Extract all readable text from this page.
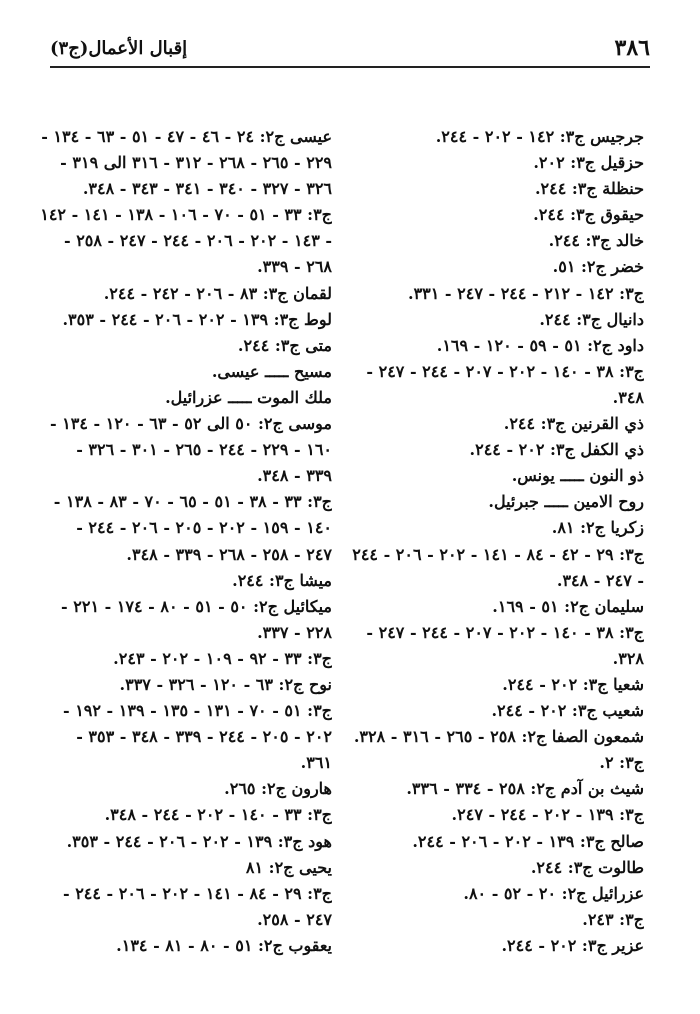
٣٨٦
إقبال الأعمال(ج٣)
جرجيس ج٣: ١٤٢ - ٢٠٢ - ٢٤٤.
حزقيل ج٣: ٢٠٢.
حنظلة ج٣: ٢٤٤.
حيقوق ج٣: ٢٤٤.
خالد ج٣: ٢٤٤.
خضر ج٢: ٥١.
ج٣: ١٤٢ - ٢١٢ - ٢٤٤ - ٢٤٧ - ٣٣١.
دانيال ج٣: ٢٤٤.
داود ج٢: ٥١ - ٥٩ - ١٢٠ - ١٦٩.
ج٣: ٣٨ - ١٤٠ - ٢٠٢ - ٢٠٧ - ٢٤٤ - ٢٤٧ -
٣٤٨.
ذي القرنين ج٣: ٢٤٤.
ذي الكفل ج٣: ٢٠٢ - ٢٤٤.
ذو النون ـــــ يونس.
روح الامين ـــــ جبرئيل.
زكريا ج٢: ٨١.
ج٣: ٢٩ - ٤٢ - ٨٤ - ١٤١ - ٢٠٢ - ٢٠٦ - ٢٤٤
- ٢٤٧ - ٣٤٨.
سليمان ج٢: ٥١ - ١٦٩.
ج٣: ٣٨ - ١٤٠ - ٢٠٢ - ٢٠٧ - ٢٤٤ - ٢٤٧ -
٣٢٨.
شعيا ج٣: ٢٠٢ - ٢٤٤.
شعيب ج٣: ٢٠٢ - ٢٤٤.
شمعون الصفا ج٢: ٢٥٨ - ٢٦٥ - ٣١٦ - ٣٢٨.
ج٣: ٢.
شيث بن آدم ج٢: ٢٥٨ - ٣٣٤ - ٣٣٦.
ج٣: ١٣٩ - ٢٠٢ - ٢٤٤ - ٢٤٧.
صالح ج٣: ١٣٩ - ٢٠٢ - ٢٠٦ - ٢٤٤.
طالوت ج٣: ٢٤٤.
عزرائيل ج٢: ٢٠ - ٥٢ - ٨٠.
ج٣: ٢٤٣.
عزير ج٣: ٢٠٢ - ٢٤٤.
عيسى ج٢: ٢٤ - ٤٦ - ٤٧ - ٥١ - ٦٣ - ١٣٤ -
٢٢٩ - ٢٦٥ - ٢٦٨ - ٣١٢ - ٣١٦ الى ٣١٩ -
٣٢٦ - ٣٢٧ - ٣٤٠ - ٣٤١ - ٣٤٣ - ٣٤٨.
ج٣: ٣٣ - ٥١ - ٧٠ - ١٠٦ - ١٣٨ - ١٤١ - ١٤٢
- ١٤٣ - ٢٠٢ - ٢٠٦ - ٢٤٤ - ٢٤٧ - ٢٥٨ -
٢٦٨ - ٣٣٩.
لقمان ج٣: ٨٣ - ٢٠٦ - ٢٤٢ - ٢٤٤.
لوط ج٣: ١٣٩ - ٢٠٢ - ٢٠٦ - ٢٤٤ - ٣٥٣.
متى ج٣: ٢٤٤.
مسيح ـــــ عيسى.
ملك الموت ـــــ عزرائيل.
موسى ج٢: ٥٠ الى ٥٢ - ٦٣ - ١٢٠ - ١٣٤ -
١٦٠ - ٢٢٩ - ٢٤٤ - ٢٦٥ - ٣٠١ - ٣٢٦ -
٣٣٩ - ٣٤٨.
ج٣: ٣٣ - ٣٨ - ٥١ - ٦٥ - ٧٠ - ٨٣ - ١٣٨ -
١٤٠ - ١٥٩ - ٢٠٢ - ٢٠٥ - ٢٠٦ - ٢٤٤ -
٢٤٧ - ٢٥٨ - ٢٦٨ - ٣٣٩ - ٣٤٨.
ميشا ج٣: ٢٤٤.
ميكائيل ج٢: ٥٠ - ٥١ - ٨٠ - ١٧٤ - ٢٢١ -
٢٢٨ - ٣٣٧.
ج٣: ٣٣ - ٩٢ - ١٠٩ - ٢٠٢ - ٢٤٣.
نوح ج٢: ٦٣ - ١٢٠ - ٣٢٦ - ٣٣٧.
ج٣: ٥١ - ٧٠ - ١٣١ - ١٣٥ - ١٣٩ - ١٩٢ -
٢٠٢ - ٢٠٥ - ٢٤٤ - ٣٣٩ - ٣٤٨ - ٣٥٣ -
٣٦١.
هارون ج٢: ٢٦٥.
ج٣: ٣٣ - ١٤٠ - ٢٠٢ - ٢٤٤ - ٣٤٨.
هود ج٣: ١٣٩ - ٢٠٢ - ٢٠٦ - ٢٤٤ - ٣٥٣.
يحيى ج٢: ٨١
ج٣: ٢٩ - ٨٤ - ١٤١ - ٢٠٢ - ٢٠٦ - ٢٤٤ -
٢٤٧ - ٢٥٨.
يعقوب ج٢: ٥١ - ٨٠ - ٨١ - ١٣٤.
